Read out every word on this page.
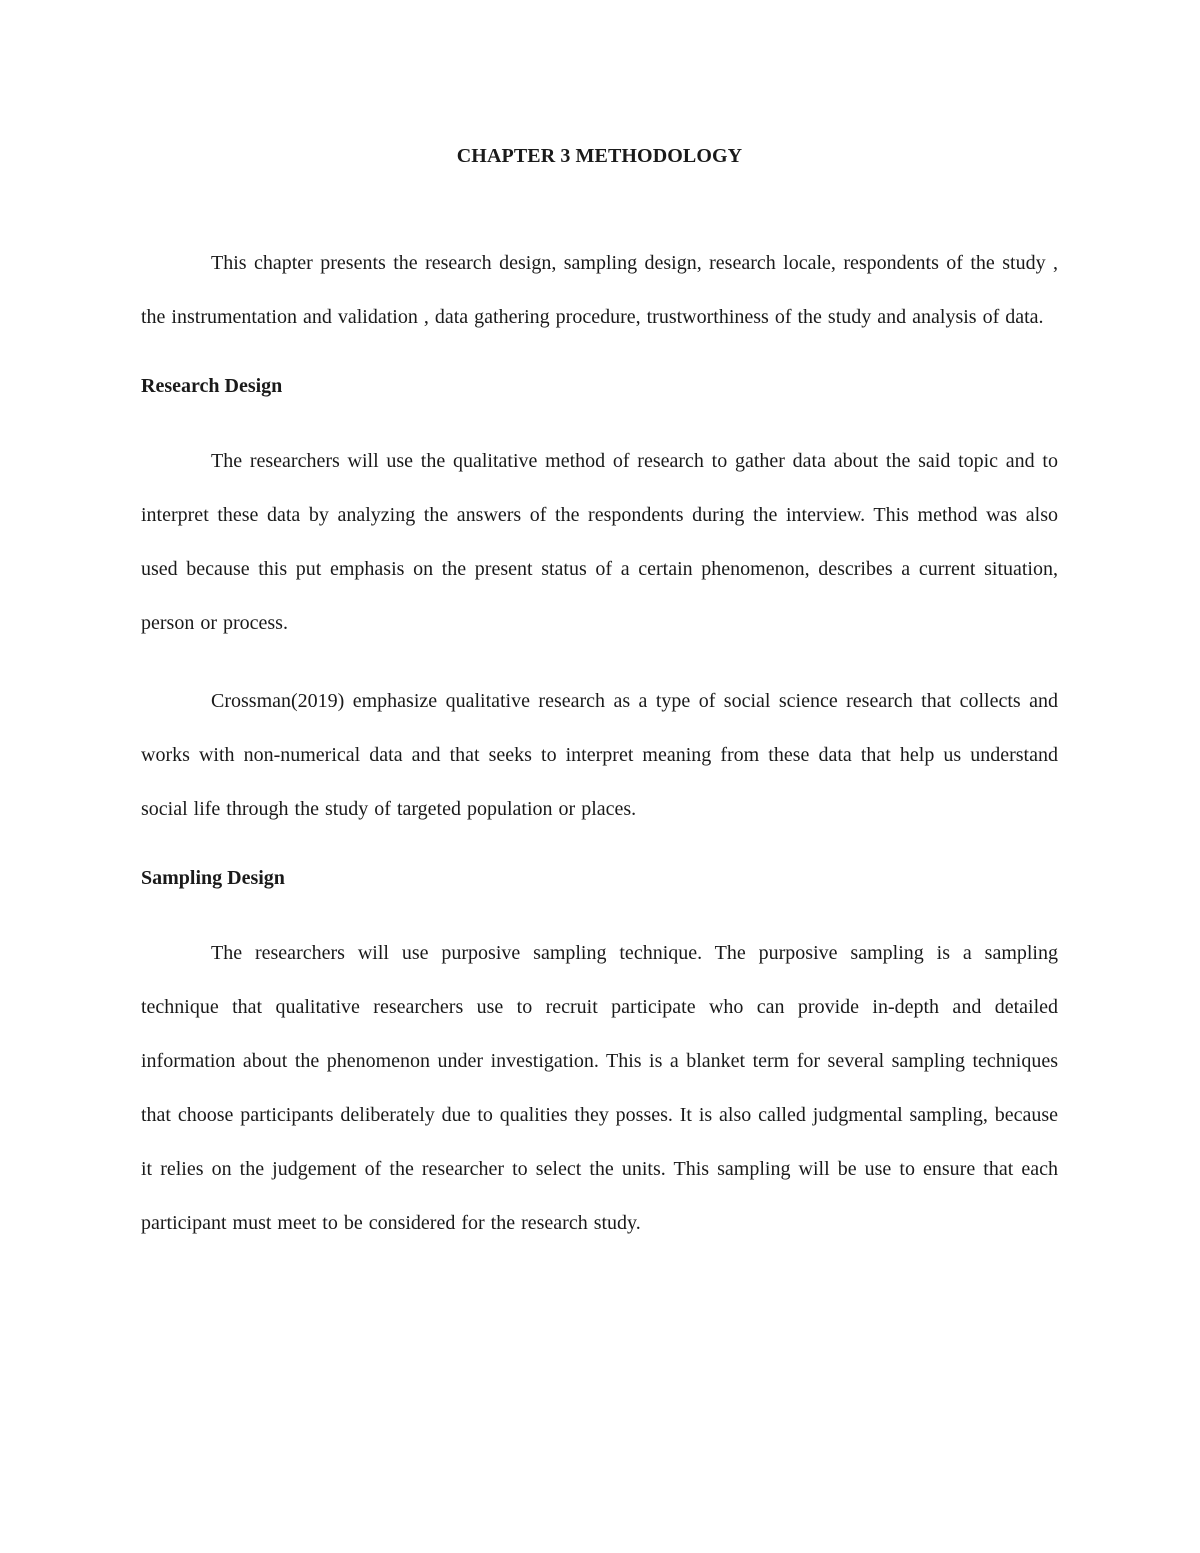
CHAPTER 3 METHODOLOGY

This chapter presents the research design, sampling design, research locale, respondents of the study , the instrumentation and validation , data gathering procedure, trustworthiness of the study and analysis of data.

Research Design

The researchers will use the qualitative method of research to gather data about the said topic and to interpret these data by analyzing the answers of the respondents during the interview. This method was also used because this put emphasis on the present status of a certain phenomenon, describes a current situation, person or process.

Crossman(2019) emphasize qualitative research as a type of social science research that collects and works with non-numerical data and that seeks to interpret meaning from these data that help us understand social life through the study of targeted population or places.

Sampling Design

The researchers will use purposive sampling technique. The purposive sampling is a sampling technique that qualitative researchers use to recruit participate who can provide in-depth and detailed information about the phenomenon under investigation. This is a blanket term for several sampling techniques that choose participants deliberately due to qualities they posses. It is also called judgmental sampling, because it relies on the judgement of the researcher to select the units. This sampling will be use to ensure that each participant must meet to be considered for the research study.
